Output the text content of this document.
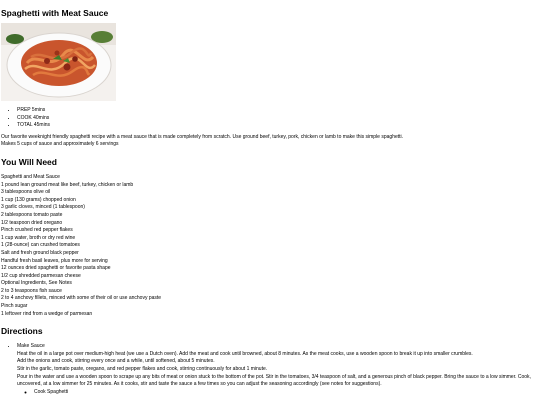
Spaghetti with Meat Sauce
• PREP 5mins
• COOK 40mins
• TOTAL 45mins

Our favorite weeknight friendly spaghetti recipe with a meat sauce that is made completely from scratch. Use ground beef, turkey, pork, chicken or lamb to make this simple spaghetti.

Makes 5 cups of sauce and approximately 6 servings

You Will Need
Spaghetti and Meat Sauce
1 pound lean ground meat like beef, turkey, chicken or lamb
3 tablespoons olive oil
1 cup (130 grams) chopped onion
3 garlic cloves, minced (1 tablespoon)
2 tablespoons tomato paste
1/2 teaspoon dried oregano
Pinch crushed red pepper flakes
1 cup water, broth or dry red wine
1 (28-ounce) can crushed tomatoes
Salt and fresh ground black pepper
Handful fresh basil leaves, plus more for serving
12 ounces dried spaghetti or favorite pasta shape
1/2 cup shredded parmesan cheese
Optional Ingredients, See Notes
2 to 3 teaspoons fish sauce
2 to 4 anchovy fillets, minced with some of their oil or use anchovy paste
Pinch sugar
1 leftover rind from a wedge of parmesan
Directions
• Make Sauce
Heat the oil in a large pot over medium-high heat (we use a Dutch oven). Add the meat and cook until browned, about 8 minutes. As the meat cooks, use a wooden spoon to break it up into smaller crumbles.
Add the onions and cook, stirring every once and a while, until softened, about 5 minutes.
Stir in the garlic, tomato paste, oregano, and red pepper flakes and cook, stirring continuously for about 1 minute.
Pour in the water and use a wooden spoon to scrape up any bits of meat or onion stuck to the bottom of the pot. Stir in the tomatoes, 3/4 teaspoon of salt, and a generous pinch of black pepper. Bring the sauce to a low simmer. Cook, uncovered, at a low simmer for 25 minutes. As it cooks, stir and taste the sauce a few times so you can adjust the seasoning accordingly (see notes for suggestions).
◦ Cook Spaghetti
